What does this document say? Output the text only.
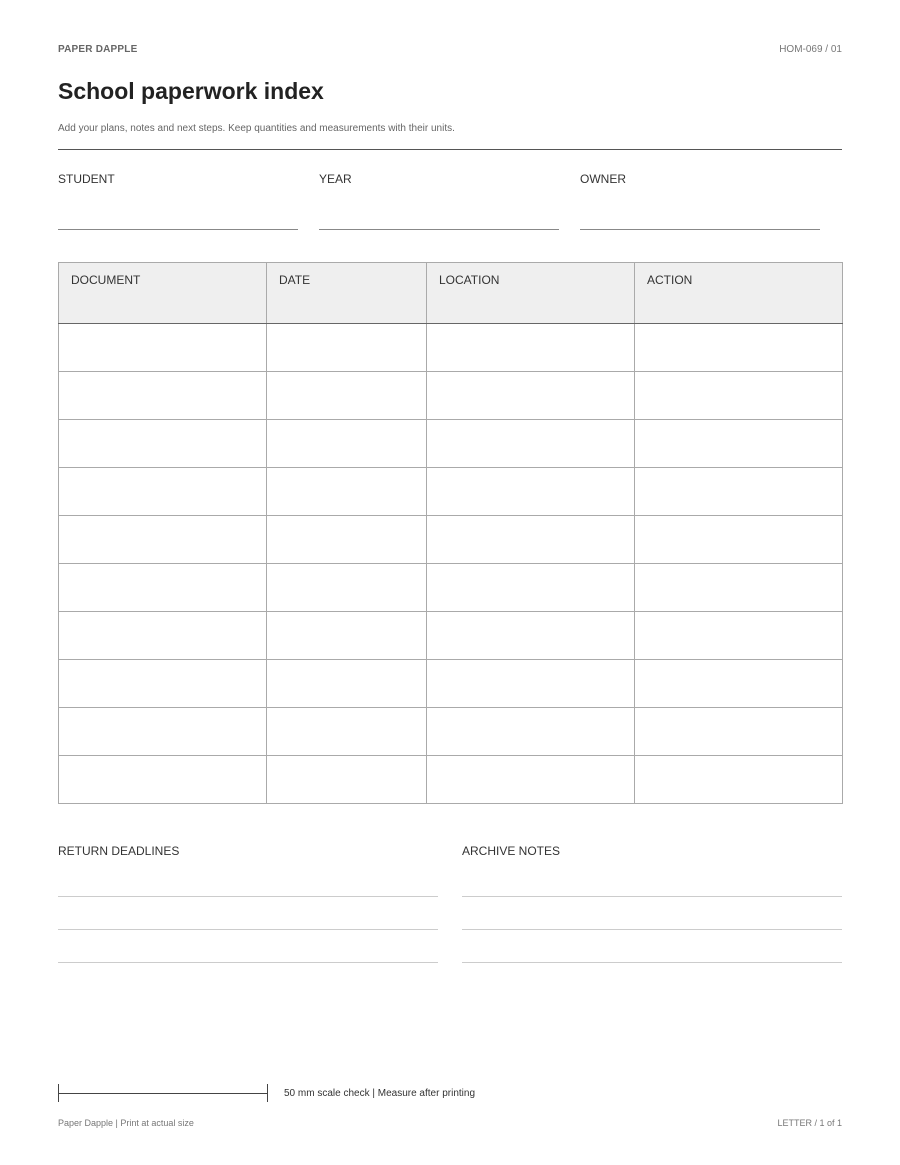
PAPER DAPPLE	HOM-069 / 01
School paperwork index
Add your plans, notes and next steps. Keep quantities and measurements with their units.
STUDENT	YEAR	OWNER
DOCUMENT	DATE	LOCATION	ACTION

RETURN DEADLINES	ARCHIVE NOTES
50 mm scale check | Measure after printing
Paper Dapple | Print at actual size	LETTER / 1 of 1
